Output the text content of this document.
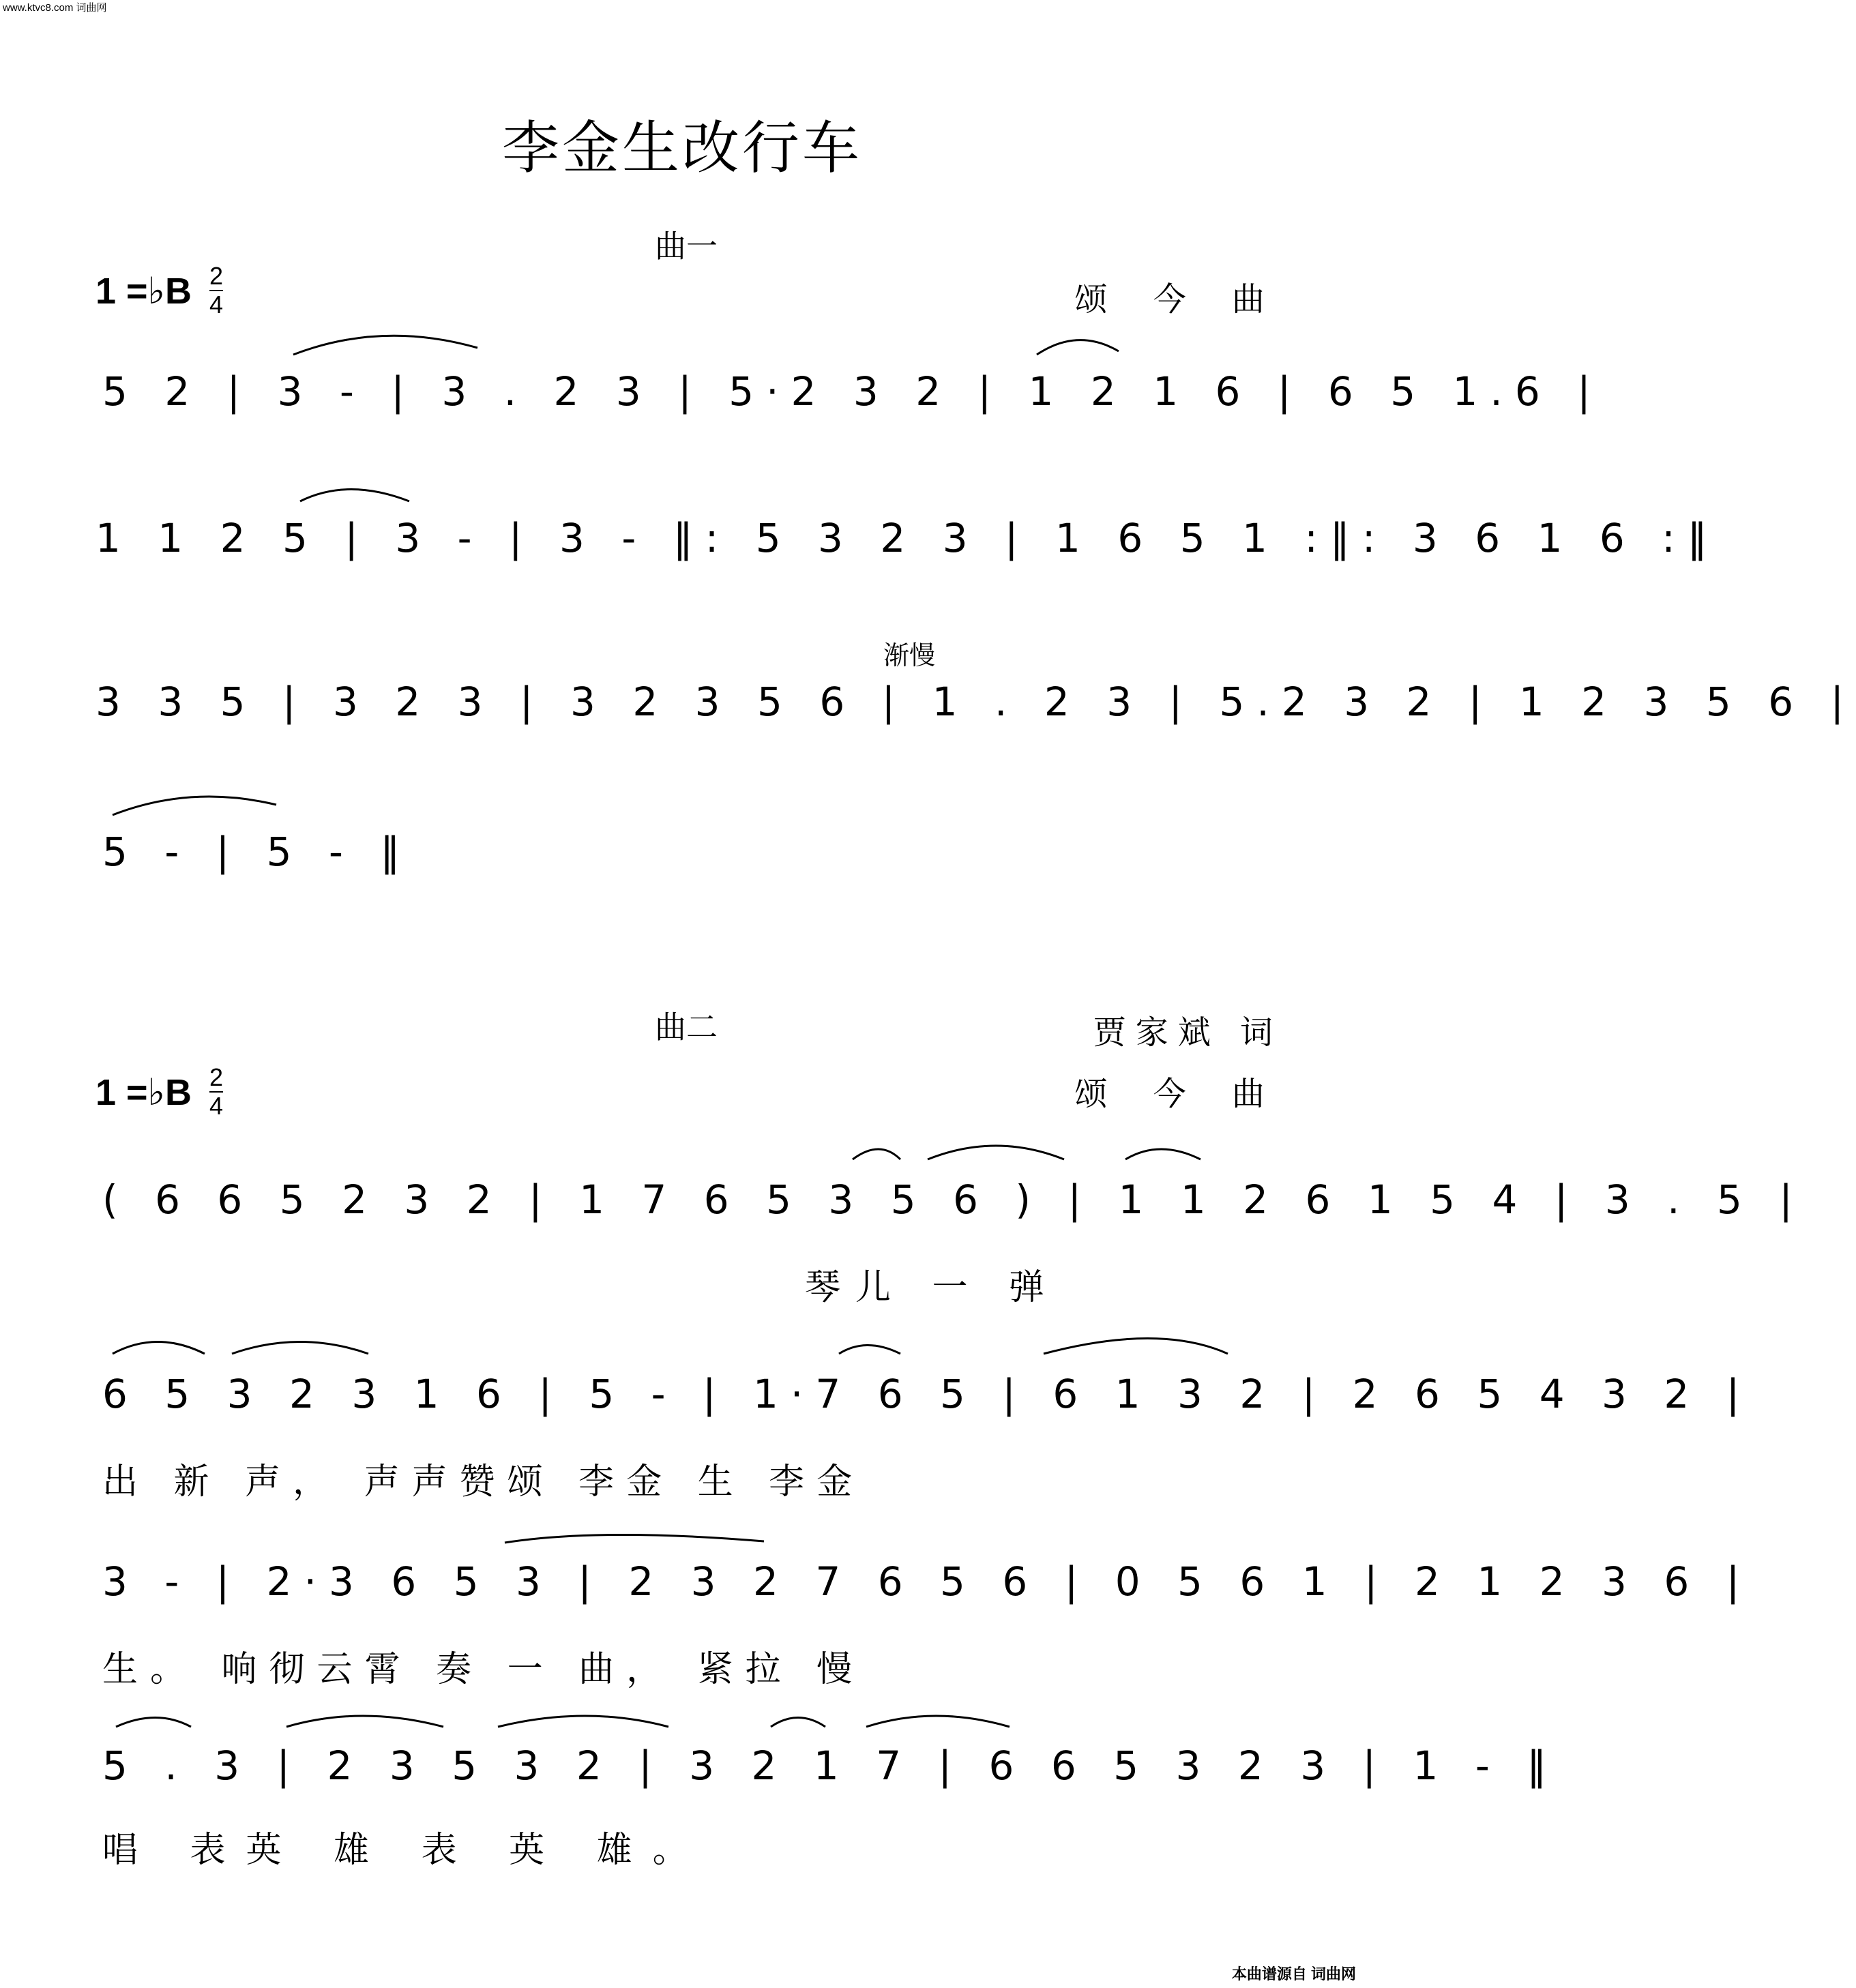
www.ktvc8.com 词曲网
李金生改行车
曲一
1 =♭B $\frac{2}{4}$	颂 今 曲
5 2 | 3 - | 3 . 2 3 | 5·2 3 2 | 1 2 1 6 | 6 5 1.6 |
1 1 2 5 | 3 - | 3 - ‖: 5 3 2 3 | 1 6 5 1 :‖: 3 6 1 6 :‖
渐慢
3 3 5 | 3 2 3 | 3 2 3 5 6 | 1 . 2 3 | 5.2 3 2 | 1 2 3 5 6 |
5 - | 5 - ‖
曲二	贾家斌 词
1 =♭B $\frac{2}{4}$	颂 今 曲
( 6 6 5 2 3 2 | 1 7 6 5 3 5 6 ) | 1 1 2 6 1 5 4 | 3 . 5 |
琴儿 一 弹
6 5 3 2 3 1 6 | 5 - | 1·7 6 5 | 6 1 3 2 | 2 6 5 4 3 2 |
出 新 声， 声声赞颂 李金 生 李金
3 - | 2·3 6 5 3 | 2 3 2 7 6 5 6 | 0 5 6 1 | 2 1 2 3 6 |
生。 响彻云霄 奏 一 曲， 紧拉 慢
5 . 3 | 2 3 5 3 2 | 3 2 1 7 | 6 6 5 3 2 3 | 1 - ‖
唱 表英 雄 表 英 雄。
本曲谱源自 词曲网
